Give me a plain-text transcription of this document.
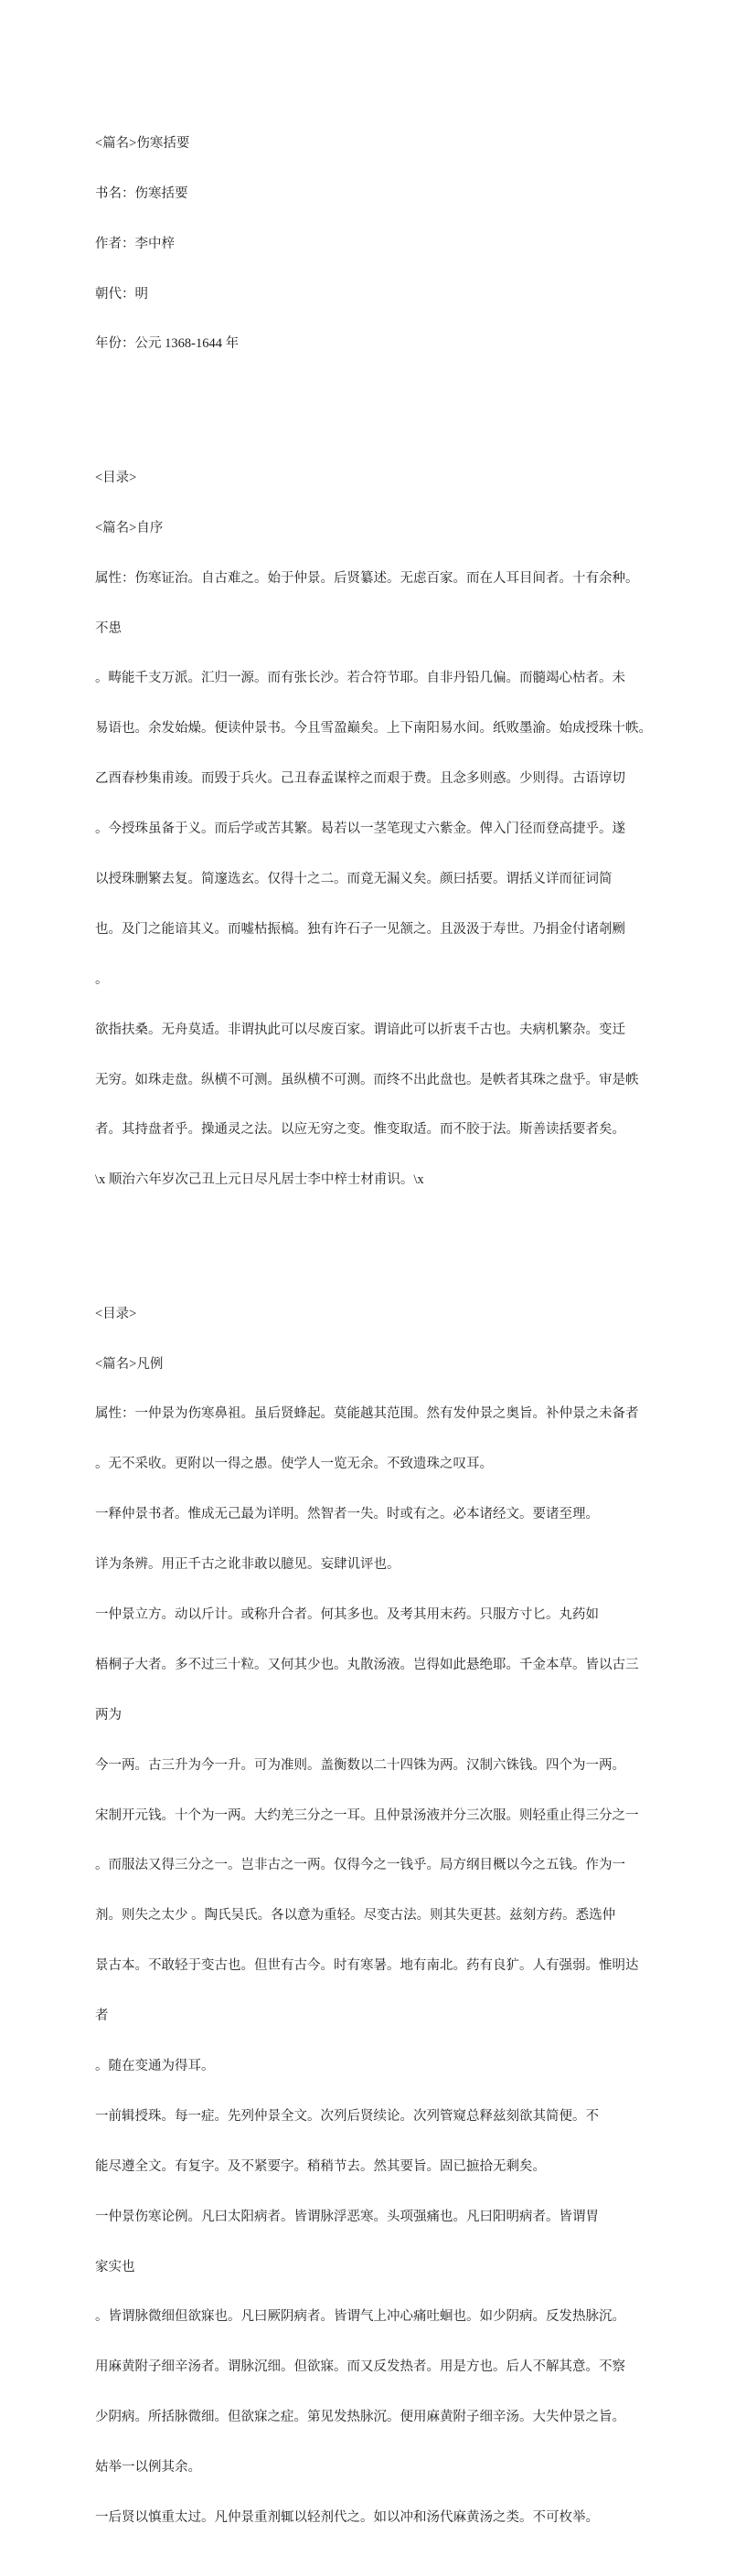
<篇名>伤寒括要

书名：伤寒括要

作者：李中梓

朝代：明

年份：公元 1368-1644 年

<目录>

<篇名>自序

属性：伤寒证治。自古难之。始于仲景。后贤纂述。无虑百家。而在人耳目间者。十有余种。

不患

。畴能千支万派。汇归一源。而有张长沙。若合符节耶。自非丹铅几偏。而髓竭心枯者。未

易语也。余发始燥。便读仲景书。今且雪盈巅矣。上下南阳易水间。纸败墨渝。始成授珠十帙。

乙酉春杪集甫竣。而毁于兵火。己丑春孟谋梓之而艰于费。且念多则惑。少则得。古语谆切

。今授珠虽备于义。而后学或苦其繁。曷若以一茎笔现丈六紫金。俾入门径而登高捷乎。遂

以授珠删繁去复。简邃选玄。仅得十之二。而竟无漏义矣。颜曰括要。谓括义详而征词简

也。及门之能谙其义。而嘘枯振槁。独有许石子一见颔之。且汲汲于寿世。乃捐金付诸剞劂

。

欲指扶桑。无舟莫适。非谓执此可以尽废百家。谓谙此可以折衷千古也。夫病机繁杂。变迁

无穷。如珠走盘。纵横不可测。虽纵横不可测。而终不出此盘也。是帙者其珠之盘乎。审是帙

者。其持盘者乎。操通灵之法。以应无穷之变。惟变取适。而不胶于法。斯善读括要者矣。

\x 顺治六年岁次己丑上元日尽凡居士李中梓士材甫识。\x

<目录>

<篇名>凡例

属性：一仲景为伤寒鼻祖。虽后贤蜂起。莫能越其范围。然有发仲景之奥旨。补仲景之未备者

。无不采收。更附以一得之愚。使学人一览无余。不致遗珠之叹耳。

一释仲景书者。惟成无己最为详明。然智者一失。时或有之。必本诸经文。要诸至理。

详为条辨。用正千古之讹非敢以臆见。妄肆讥评也。

一仲景立方。动以斤计。或称升合者。何其多也。及考其用末药。只服方寸匕。丸药如

梧桐子大者。多不过三十粒。又何其少也。丸散汤液。岂得如此悬绝耶。千金本草。皆以古三

两为

今一两。古三升为今一升。可为准则。盖衡数以二十四铢为两。汉制六铢钱。四个为一两。

宋制开元钱。十个为一两。大约羌三分之一耳。且仲景汤液并分三次服。则轻重止得三分之一

。而服法又得三分之一。岂非古之一两。仅得今之一钱乎。局方纲目概以今之五钱。作为一

剂。则失之太少 。陶氏吴氏。各以意为重轻。尽变古法。则其失更甚。兹刻方药。悉选仲

景古本。不敢轻于变古也。但世有古今。时有寒暑。地有南北。药有良犷。人有强弱。惟明达

者

。随在变通为得耳。

一前辑授珠。每一症。先列仲景全文。次列后贤续论。次列管窥总释兹刻欲其简便。不

能尽遵全文。有复字。及不紧要字。稍稍节去。然其要旨。固已摭拾无剩矣。

一仲景伤寒论例。凡曰太阳病者。皆谓脉浮恶寒。头项强痛也。凡曰阳明病者。皆谓胃

家实也

。皆谓脉微细但欲寐也。凡曰厥阴病者。皆谓气上冲心痛吐蛔也。如少阴病。反发热脉沉。

用麻黄附子细辛汤者。谓脉沉细。但欲寐。而又反发热者。用是方也。后人不解其意。不察

少阴病。所括脉微细。但欲寐之症。第见发热脉沉。便用麻黄附子细辛汤。大失仲景之旨。

姑举一以例其余。

一后贤以慎重太过。凡仲景重剂辄以轻剂代之。如以冲和汤代麻黄汤之类。不可枚举。
